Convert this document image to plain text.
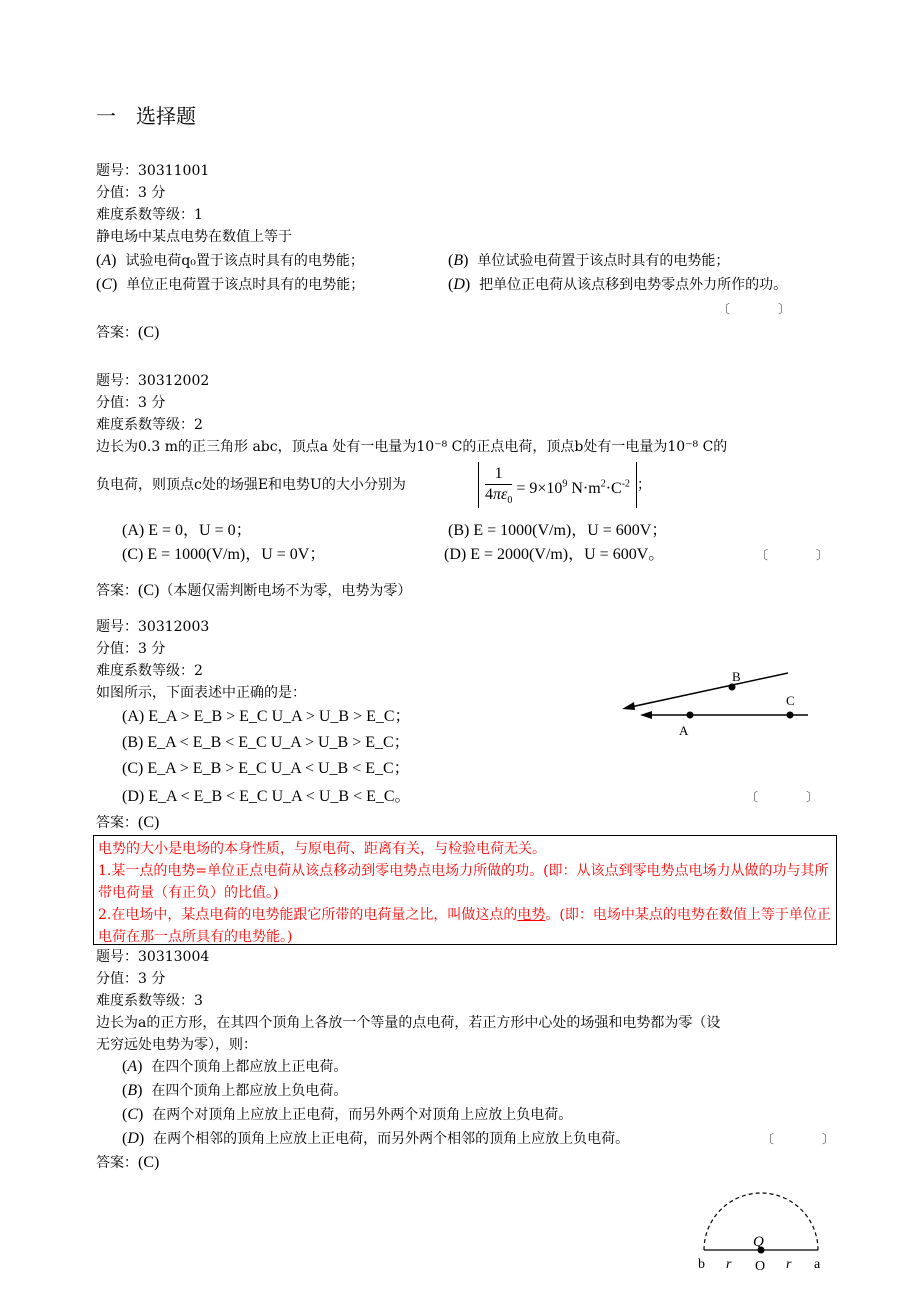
一　选择题
题号：30311001
分值：3 分
难度系数等级：1
静电场中某点电势在数值上等于
(A) 试验电荷q₀置于该点时具有的电势能；	(B) 单位试验电荷置于该点时具有的电势能；
(C) 单位正电荷置于该点时具有的电势能；	(D) 把单位正电荷从该点移到电势零点外力所作的功。
〔　　　　〕
答案：(C)
题号：30312002
分值：3 分
难度系数等级：2
边长为0.3 m的正三角形 abc，顶点a 处有一电量为10⁻⁸ C的正点电荷，顶点b处有一电量为10⁻⁸ C的
负电荷，则顶点c处的场强E和电势U的大小分别为	$\frac{1}{4\pi\varepsilon_0} = 9\times 10^9$ $N\cdot m^2\cdot C^{-2}$ ；
(A) E = 0，U = 0；	(B) E = 1000(V/m)，U = 600V；
(C) E = 1000(V/m)，U = 0V；	(D) E = 2000(V/m)，U = 600V。	〔　　　　〕
答案：(C)（本题仅需判断电场不为零，电势为零）
题号：30312003
分值：3 分
难度系数等级：2
如图所示，下面表述中正确的是：
(A) E_A > E_B > E_C U_A > U_B > E_C；
(B) E_A < E_B < E_C U_A > U_B > E_C；
(C) E_A > E_B > E_C U_A < U_B < E_C；
(D) E_A < E_B < E_C U_A < U_B < E_C。	〔　　　　〕
答案：(C)
B
C
A
电势的大小是电场的本身性质，与原电荷、距离有关，与检验电荷无关。
1.某一点的电势=单位正点电荷从该点移动到零电势点电场力所做的功。(即：从该点到零电势点电场力从做的功与其所带电荷量（有正负）的比值。)
2.在电场中，某点电荷的电势能跟它所带的电荷量之比，叫做这点的电势。(即：电场中某点的电势在数值上等于单位正电荷在那一点所具有的电势能。)
题号：30313004
分值：3 分
难度系数等级：3
边长为a的正方形，在其四个顶角上各放一个等量的点电荷，若正方形中心处的场强和电势都为零（设
无穷远处电势为零），则：
(A) 在四个顶角上都应放上正电荷。
(B) 在四个顶角上都应放上负电荷。
(C) 在两个对顶角上应放上正电荷，而另外两个对顶角上应放上负电荷。
(D) 在两个相邻的顶角上应放上正电荷，而另外两个相邻的顶角上应放上负电荷。	〔　　　　〕
答案：(C)
Q
b r O r a
